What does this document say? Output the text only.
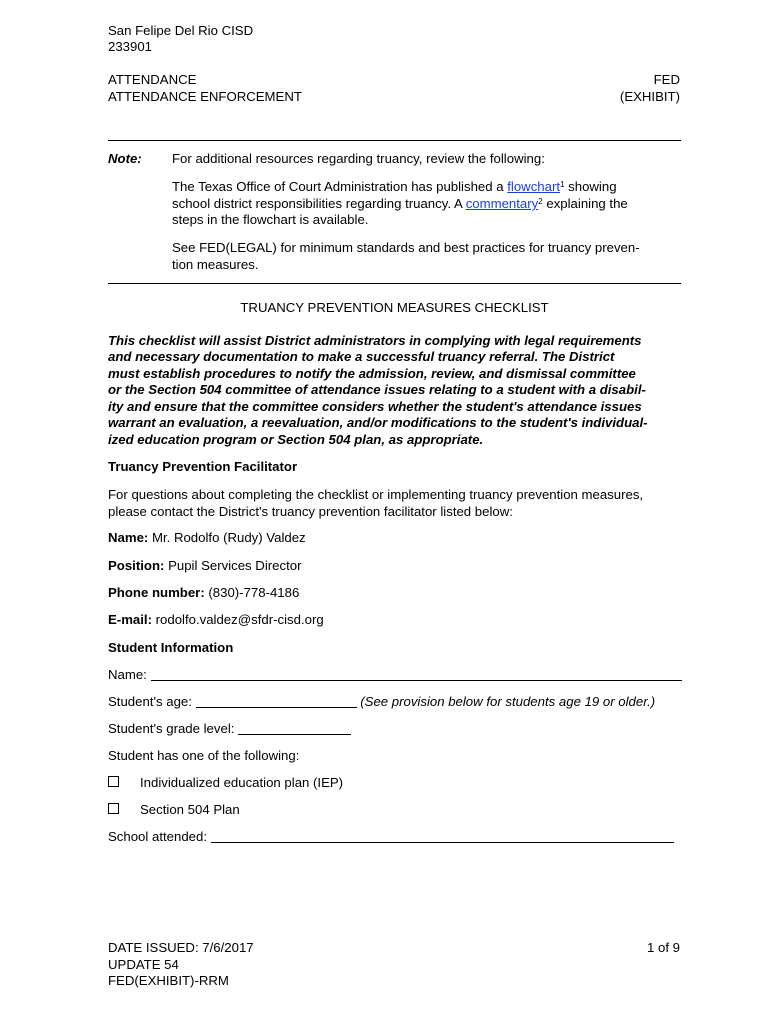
San Felipe Del Rio CISD
233901
ATTENDANCE
ATTENDANCE ENFORCEMENT
FED
(EXHIBIT)
Note: For additional resources regarding truancy, review the following:
The Texas Office of Court Administration has published a flowchart$^1$ showing
school district responsibilities regarding truancy. A commentary$^2$ explaining the
steps in the flowchart is available.
See FED(LEGAL) for minimum standards and best practices for truancy preven-
tion measures.
TRUANCY PREVENTION MEASURES CHECKLIST
This checklist will assist District administrators in complying with legal requirements
and necessary documentation to make a successful truancy referral. The District
must establish procedures to notify the admission, review, and dismissal committee
or the Section 504 committee of attendance issues relating to a student with a disabil-
ity and ensure that the committee considers whether the student's attendance issues
warrant an evaluation, a reevaluation, and/or modifications to the student's individual-
ized education program or Section 504 plan, as appropriate.
Truancy Prevention Facilitator
For questions about completing the checklist or implementing truancy prevention measures,
please contact the District's truancy prevention facilitator listed below:
Name: Mr. Rodolfo (Rudy) Valdez
Position: Pupil Services Director
Phone number: (830)-778-4186
E-mail: rodolfo.valdez@sfdr-cisd.org
Student Information
Name:
Student's age:	(See provision below for students age 19 or older.)
Student's grade level:
Student has one of the following:
Individualized education plan (IEP)
Section 504 Plan
School attended:
DATE ISSUED: 7/6/2017
UPDATE 54
FED(EXHIBIT)-RRM
1 of 9
